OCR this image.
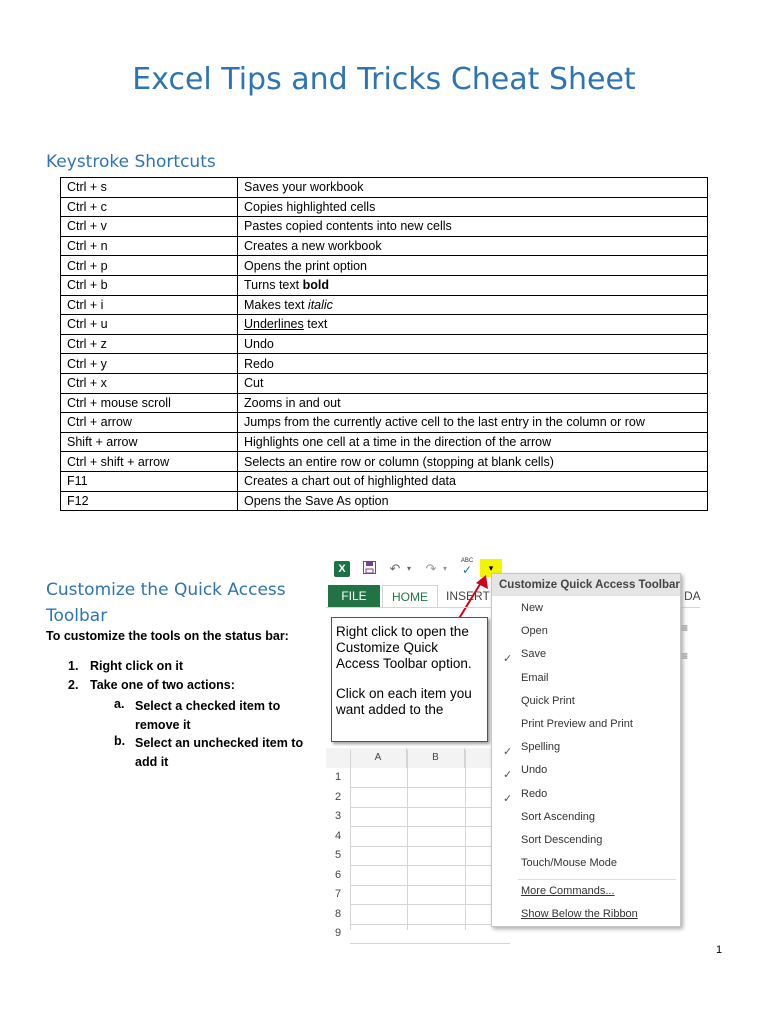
Excel Tips and Tricks Cheat Sheet
Keystroke Shortcuts
Ctrl + s	Saves your workbook
Ctrl + c	Copies highlighted cells
Ctrl + v	Pastes copied contents into new cells
Ctrl + n	Creates a new workbook
Ctrl + p	Opens the print option
Ctrl + b	Turns text bold
Ctrl + i	Makes text italic
Ctrl + u	Underlines text
Ctrl + z	Undo
Ctrl + y	Redo
Ctrl + x	Cut
Ctrl + mouse scroll	Zooms in and out
Ctrl + arrow	Jumps from the currently active cell to the last entry in the column or row
Shift + arrow	Highlights one cell at a time in the direction of the arrow
Ctrl + shift + arrow	Selects an entire row or column (stopping at blank cells)
F11	Creates a chart out of highlighted data
F12	Opens the Save As option
Customize the Quick Access
Toolbar
To customize the tools on the status bar:
1. Right click on it
2. Take one of two actions:
a. Select a checked item to
remove it
b. Select an unchecked item to
add it
X	↶ ▾	↷ ▾
ABC
✓	▾
FILE	HOME	INSERT	DA
≡
≡
A	B
1
2
3
4
5
6
7
8
9
Right click to open the
Customize Quick
Access Toolbar option.
Click on each item you
want added to the
Customize Quick Access Toolbar
New
Open
✓ Save
Email
Quick Print
Print Preview and Print
✓ Spelling
✓ Undo
✓ Redo
Sort Ascending
Sort Descending
Touch/Mouse Mode
More Commands...
Show Below the Ribbon
1
